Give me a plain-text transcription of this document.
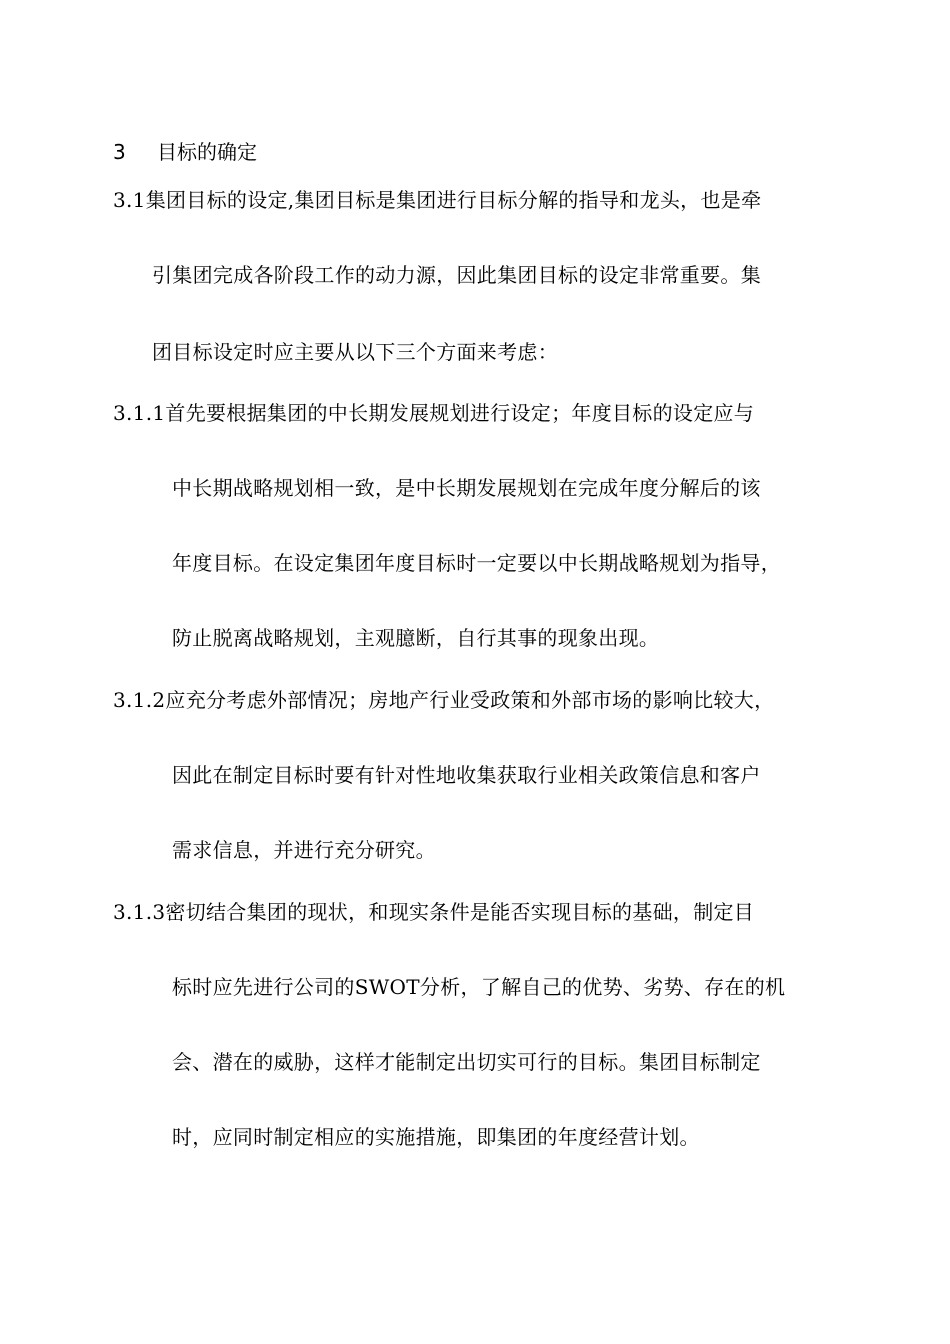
3 目标的确定
3.1集团目标的设定,集团目标是集团进行目标分解的指导和龙头，也是牵
引集团完成各阶段工作的动力源，因此集团目标的设定非常重要。集
团目标设定时应主要从以下三个方面来考虑：
3.1.1首先要根据集团的中长期发展规划进行设定；年度目标的设定应与
中长期战略规划相一致，是中长期发展规划在完成年度分解后的该
年度目标。在设定集团年度目标时一定要以中长期战略规划为指导，
防止脱离战略规划，主观臆断，自行其事的现象出现。
3.1.2应充分考虑外部情况；房地产行业受政策和外部市场的影响比较大，
因此在制定目标时要有针对性地收集获取行业相关政策信息和客户
需求信息，并进行充分研究。
3.1.3密切结合集团的现状，和现实条件是能否实现目标的基础，制定目
标时应先进行公司的SWOT分析，了解自己的优势、劣势、存在的机
会、潜在的威胁，这样才能制定出切实可行的目标。集团目标制定
时，应同时制定相应的实施措施，即集团的年度经营计划。
